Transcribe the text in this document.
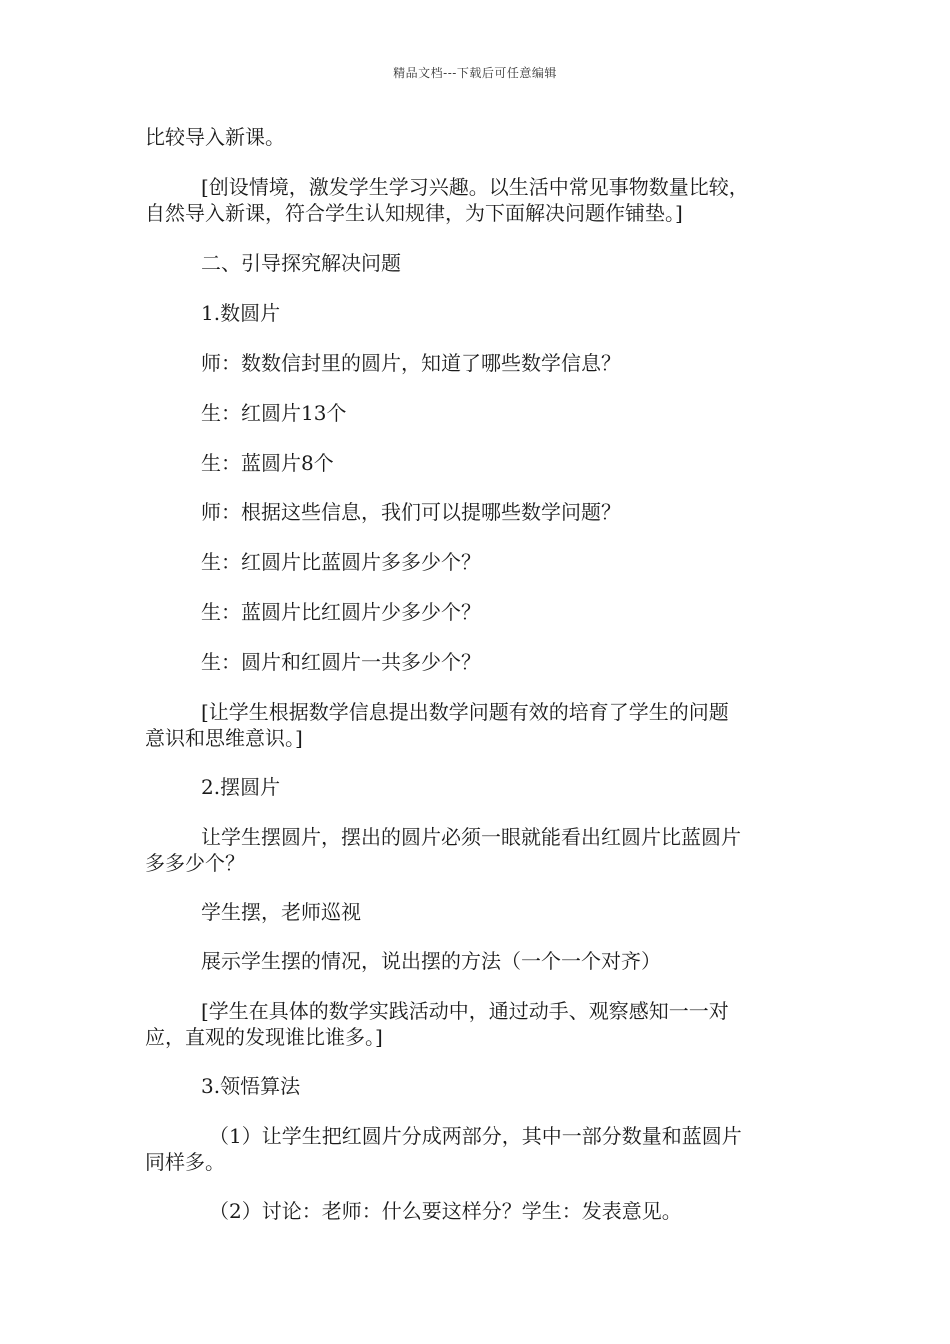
精品文档---下载后可任意编辑
比较导入新课。
[创设情境，激发学生学习兴趣。以生活中常见事物数量比较，
自然导入新课，符合学生认知规律，为下面解决问题作铺垫。]
二、引导探究解决问题
1.数圆片
师：数数信封里的圆片，知道了哪些数学信息？
生：红圆片13个
生：蓝圆片8个
师：根据这些信息，我们可以提哪些数学问题？
生：红圆片比蓝圆片多多少个？
生：蓝圆片比红圆片少多少个？
生：圆片和红圆片一共多少个？
[让学生根据数学信息提出数学问题有效的培育了学生的问题
意识和思维意识。]
2.摆圆片
让学生摆圆片，摆出的圆片必须一眼就能看出红圆片比蓝圆片
多多少个？
学生摆，老师巡视
展示学生摆的情况，说出摆的方法（一个一个对齐）
[学生在具体的数学实践活动中，通过动手、观察感知一一对
应，直观的发现谁比谁多。]
3.领悟算法
（1）让学生把红圆片分成两部分，其中一部分数量和蓝圆片
同样多。
（2）讨论：老师：什么要这样分？学生：发表意见。
